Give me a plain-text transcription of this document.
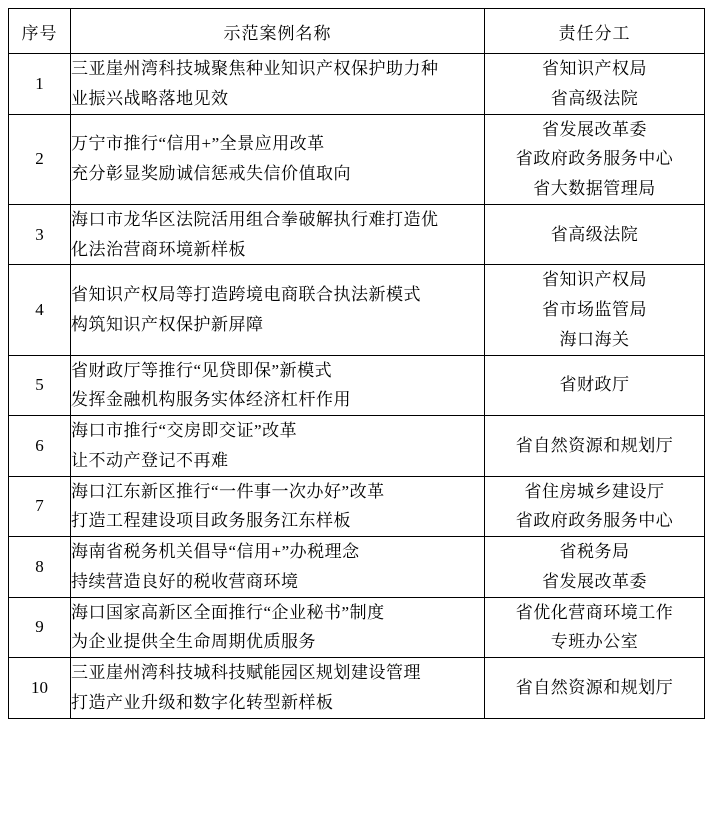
序号	示范案例名称	责任分工
1	三亚崖州湾科技城聚焦种业知识产权保护助力种
业振兴战略落地见效	省知识产权局
省高级法院

2	万宁市推行“信用+”全景应用改革
充分彰显奖励诚信惩戒失信价值取向	省发展改革委
省政府政务服务中心
省大数据管理局

3	海口市龙华区法院活用组合拳破解执行难打造优
化法治营商环境新样板	省高级法院

4	省知识产权局等打造跨境电商联合执法新模式
构筑知识产权保护新屏障	省知识产权局
省市场监管局
海口海关

5	省财政厅等推行“见贷即保”新模式
发挥金融机构服务实体经济杠杆作用	省财政厅

6	海口市推行“交房即交证”改革
让不动产登记不再难	省自然资源和规划厅

7	海口江东新区推行“一件事一次办好”改革
打造工程建设项目政务服务江东样板	省住房城乡建设厅
省政府政务服务中心

8	海南省税务机关倡导“信用+”办税理念
持续营造良好的税收营商环境	省税务局
省发展改革委

9	海口国家高新区全面推行“企业秘书”制度
为企业提供全生命周期优质服务	省优化营商环境工作
专班办公室

10	三亚崖州湾科技城科技赋能园区规划建设管理
打造产业升级和数字化转型新样板	省自然资源和规划厅
